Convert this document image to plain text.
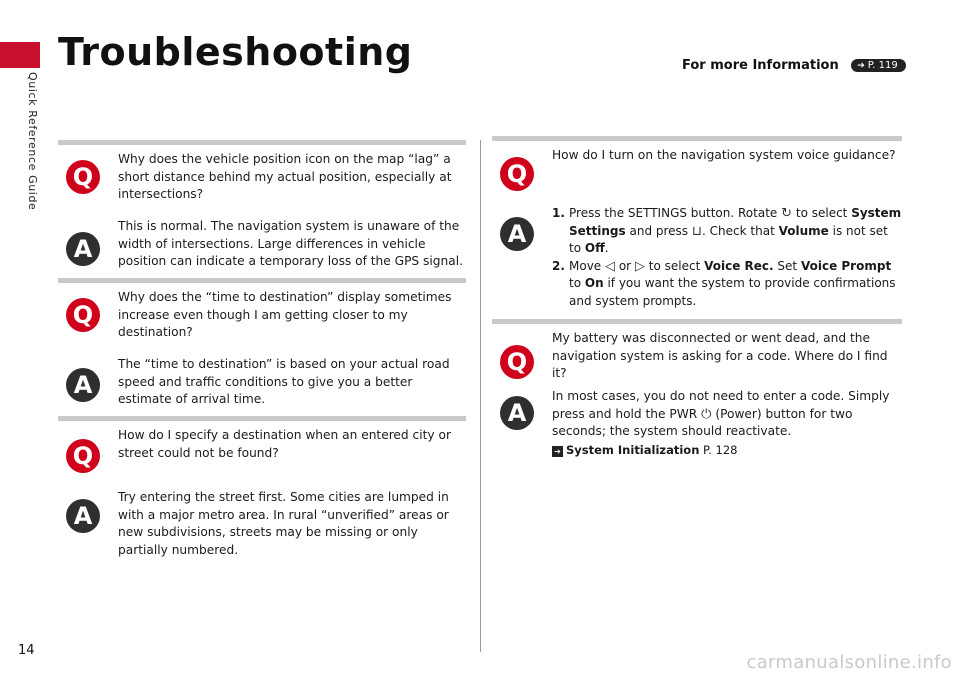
Quick Reference Guide
Troubleshooting	For more Information ➔ P. 119
Q
Why does the vehicle position icon on the map “lag” a short distance behind my actual position, especially at intersections?
A
This is normal. The navigation system is unaware of the width of intersections. Large differences in vehicle position can indicate a temporary loss of the GPS signal.
Q
Why does the “time to destination” display sometimes increase even though I am getting closer to my destination?
A
The “time to destination” is based on your actual road speed and traffic conditions to give you a better estimate of arrival time.
Q
How do I specify a destination when an entered city or street could not be found?
A
Try entering the street first. Some cities are lumped in with a major metro area. In rural “unverified” areas or new subdivisions, streets may be missing or only partially numbered.
Q
How do I turn on the navigation system voice guidance?
A
1. Press the SETTINGS button. Rotate ↻ to select System Settings and press ⊔. Check that Volume is not set to Off.
2. Move ◁ or ▷ to select Voice Rec. Set Voice Prompt to On if you want the system to provide confirmations and system prompts.
Q
My battery was disconnected or went dead, and the navigation system is asking for a code. Where do I find it?
A
In most cases, you do not need to enter a code. Simply press and hold the PWR ⏻ (Power) button for two seconds; the system should reactivate.
➔ System Initialization P. 128
14
carmanualsonline.info
